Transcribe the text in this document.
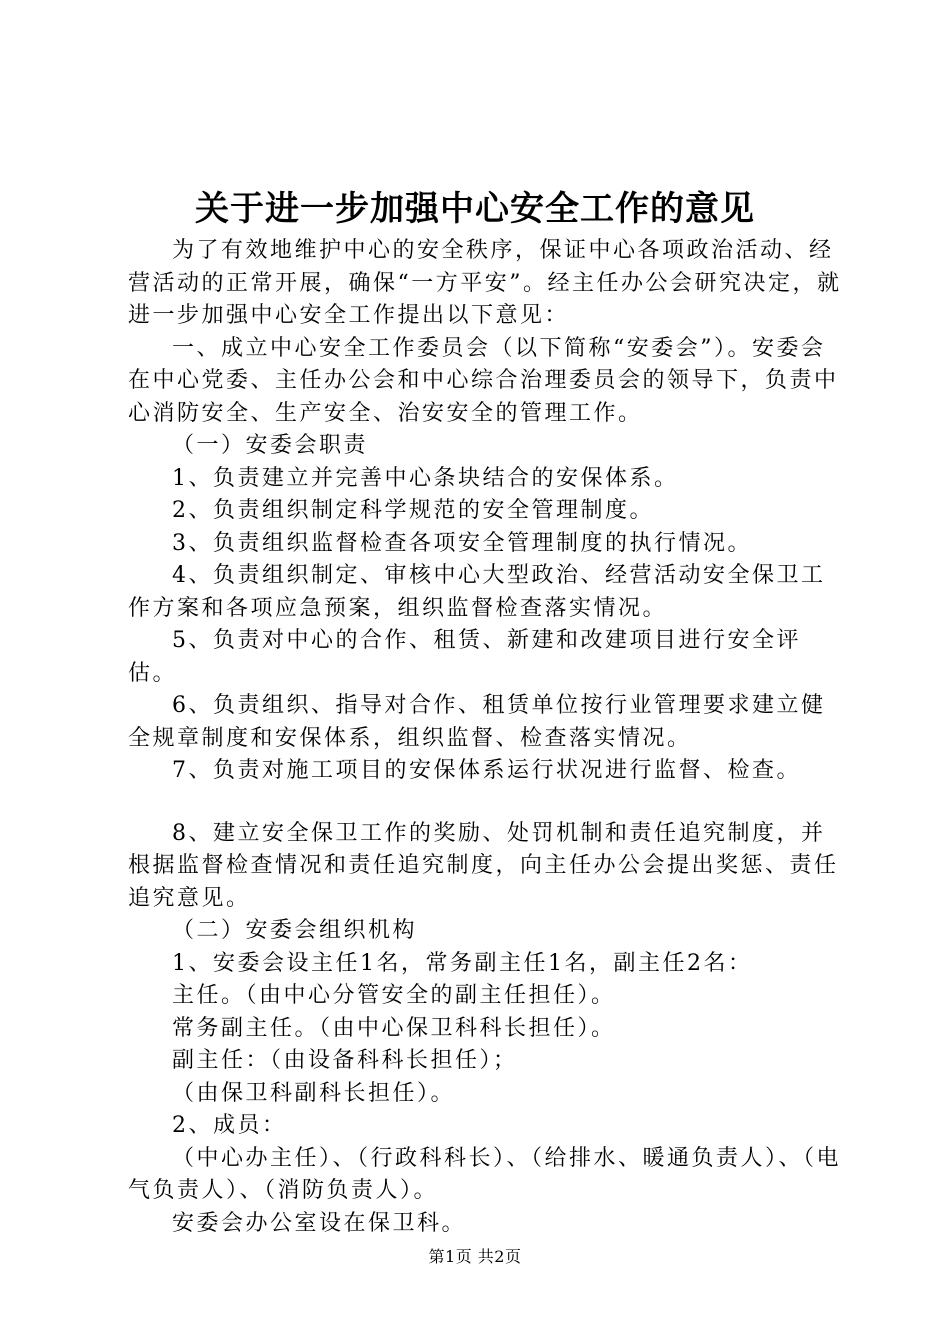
关于进一步加强中心安全工作的意见

为了有效地维护中心的安全秩序，保证中心各项政治活动、经营活动的正常开展，确保“一方平安”。经主任办公会研究决定，就进一步加强中心安全工作提出以下意见：

一、成立中心安全工作委员会（以下简称“安委会”）。安委会在中心党委、主任办公会和中心综合治理委员会的领导下，负责中心消防安全、生产安全、治安安全的管理工作。

（一）安委会职责

1、负责建立并完善中心条块结合的安保体系。

2、负责组织制定科学规范的安全管理制度。

3、负责组织监督检查各项安全管理制度的执行情况。

4、负责组织制定、审核中心大型政治、经营活动安全保卫工作方案和各项应急预案，组织监督检查落实情况。

5、负责对中心的合作、租赁、新建和改建项目进行安全评估。

6、负责组织、指导对合作、租赁单位按行业管理要求建立健全规章制度和安保体系，组织监督、检查落实情况。

7、负责对施工项目的安保体系运行状况进行监督、检查。

8、建立安全保卫工作的奖励、处罚机制和责任追究制度，并根据监督检查情况和责任追究制度，向主任办公会提出奖惩、责任追究意见。

（二）安委会组织机构

1、安委会设主任1名，常务副主任1名，副主任2名：

主任。（由中心分管安全的副主任担任）。

常务副主任。（由中心保卫科科长担任）。

副主任：（由设备科科长担任）；

（由保卫科副科长担任）。

2、成员：

（中心办主任）、（行政科科长）、（给排水、暖通负责人）、（电气负责人）、（消防负责人）。

安委会办公室设在保卫科。

第1页 共2页
